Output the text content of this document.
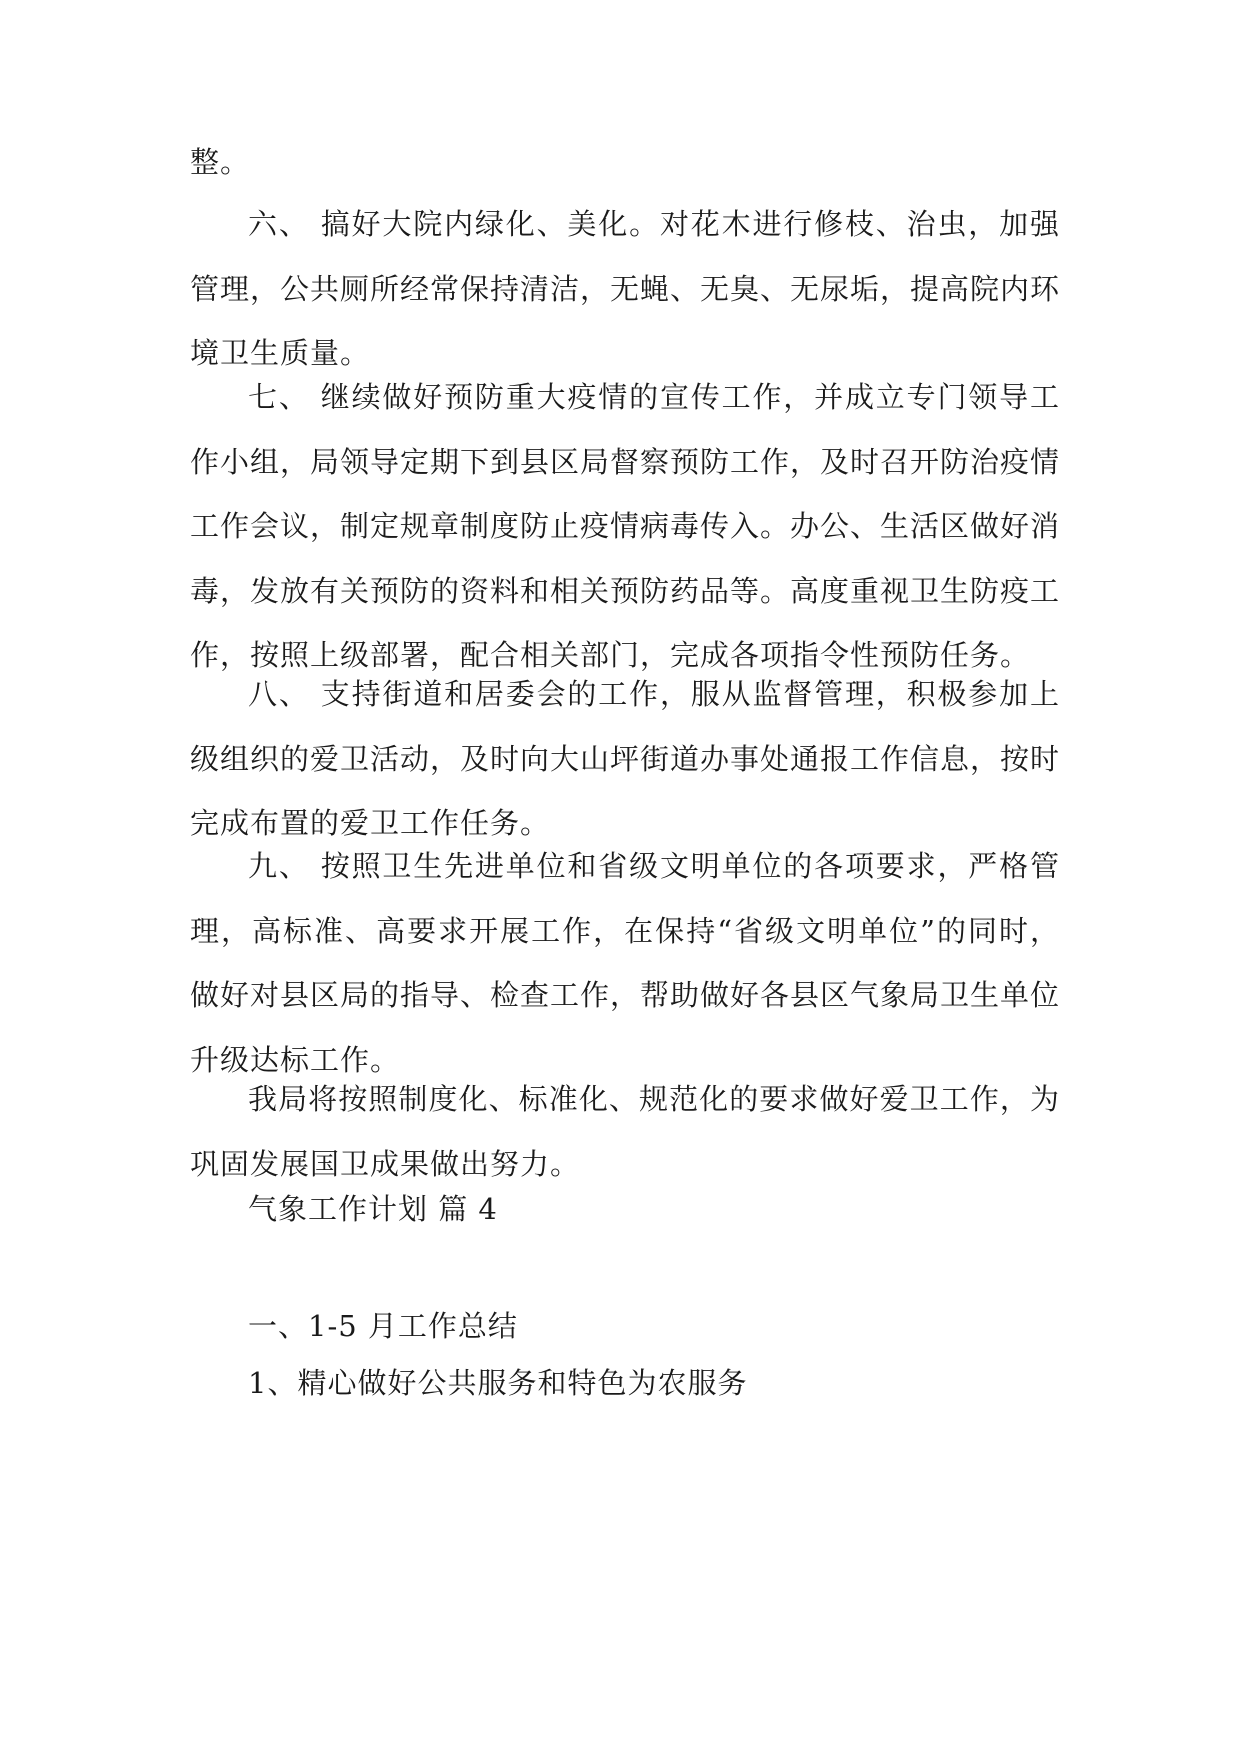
整。
六、 搞好大院内绿化、美化。对花木进行修枝、治虫，加强管理，公共厕所经常保持清洁，无蝇、无臭、无尿垢，提高院内环境卫生质量。
七、 继续做好预防重大疫情的宣传工作，并成立专门领导工作小组，局领导定期下到县区局督察预防工作，及时召开防治疫情工作会议，制定规章制度防止疫情病毒传入。办公、生活区做好消毒，发放有关预防的资料和相关预防药品等。高度重视卫生防疫工作，按照上级部署，配合相关部门，完成各项指令性预防任务。
八、 支持街道和居委会的工作，服从监督管理，积极参加上级组织的爱卫活动，及时向大山坪街道办事处通报工作信息，按时完成布置的爱卫工作任务。
九、 按照卫生先进单位和省级文明单位的各项要求，严格管理，高标准、高要求开展工作，在保持“省级文明单位”的同时，做好对县区局的指导、检查工作，帮助做好各县区气象局卫生单位升级达标工作。
我局将按照制度化、标准化、规范化的要求做好爱卫工作，为巩固发展国卫成果做出努力。
气象工作计划 篇 4
一、1-5 月工作总结
1、精心做好公共服务和特色为农服务
